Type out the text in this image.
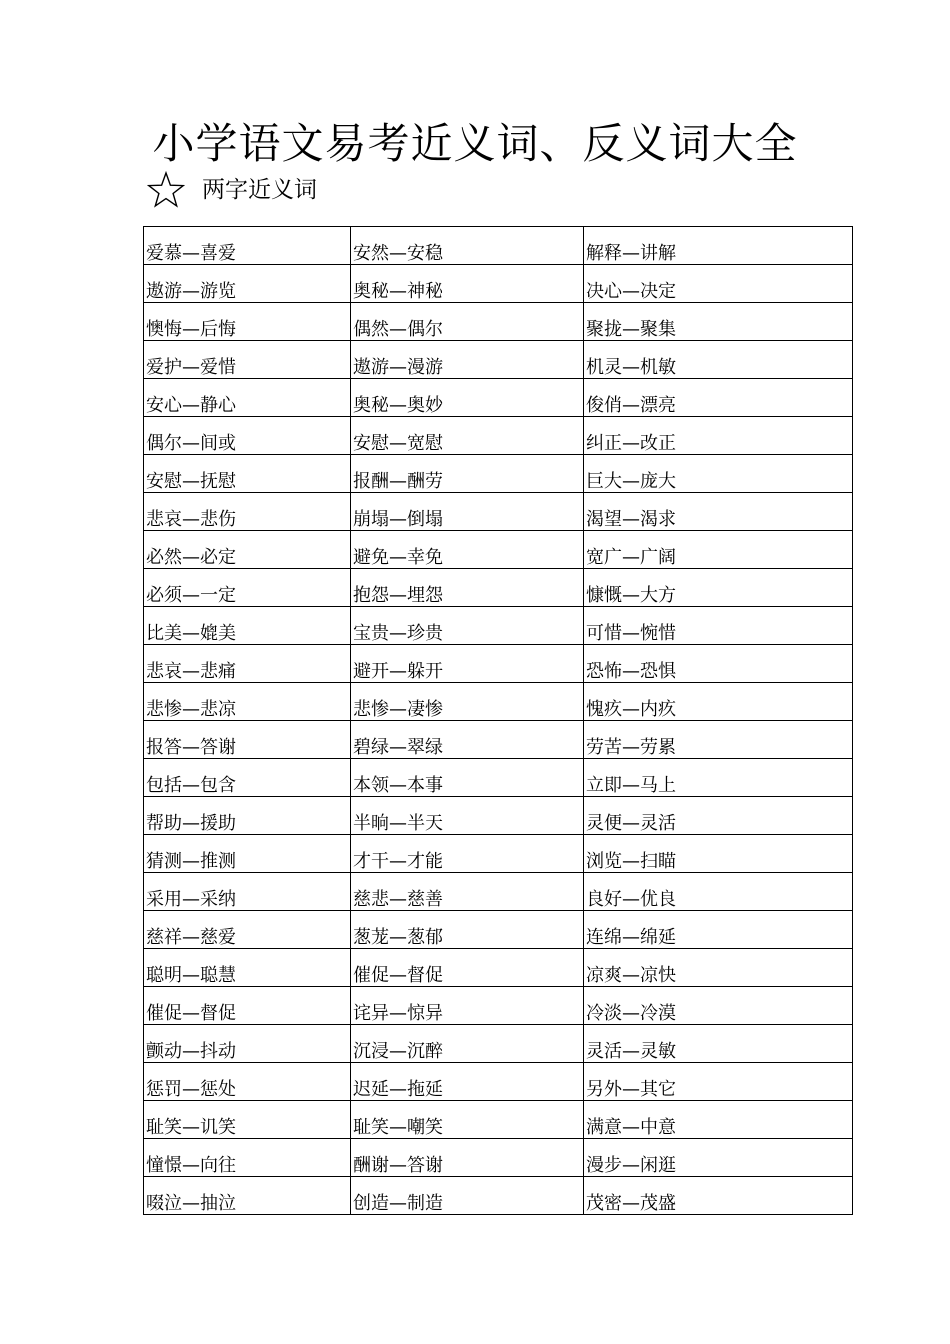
小学语文易考近义词、反义词大全
两字近义词
爱慕—喜爱	安然—安稳	解释—讲解
遨游—游览	奥秘—神秘	决心—决定
懊悔—后悔	偶然—偶尔	聚拢—聚集
爱护—爱惜	遨游—漫游	机灵—机敏
安心—静心	奥秘—奥妙	俊俏—漂亮
偶尔—间或	安慰—宽慰	纠正—改正
安慰—抚慰	报酬—酬劳	巨大—庞大
悲哀—悲伤	崩塌—倒塌	渴望—渴求
必然—必定	避免—幸免	宽广—广阔
必须—一定	抱怨—埋怨	慷慨—大方
比美—媲美	宝贵—珍贵	可惜—惋惜
悲哀—悲痛	避开—躲开	恐怖—恐惧
悲惨—悲凉	悲惨—凄惨	愧疚—内疚
报答—答谢	碧绿—翠绿	劳苦—劳累
包括—包含	本领—本事	立即—马上
帮助—援助	半晌—半天	灵便—灵活
猜测—推测	才干—才能	浏览—扫瞄
采用—采纳	慈悲—慈善	良好—优良
慈祥—慈爱	葱茏—葱郁	连绵—绵延
聪明—聪慧	催促—督促	凉爽—凉快
催促—督促	诧异—惊异	冷淡—冷漠
颤动—抖动	沉浸—沉醉	灵活—灵敏
惩罚—惩处	迟延—拖延	另外—其它
耻笑—讥笑	耻笑—嘲笑	满意—中意
憧憬—向往	酬谢—答谢	漫步—闲逛
啜泣—抽泣	创造—制造	茂密—茂盛
